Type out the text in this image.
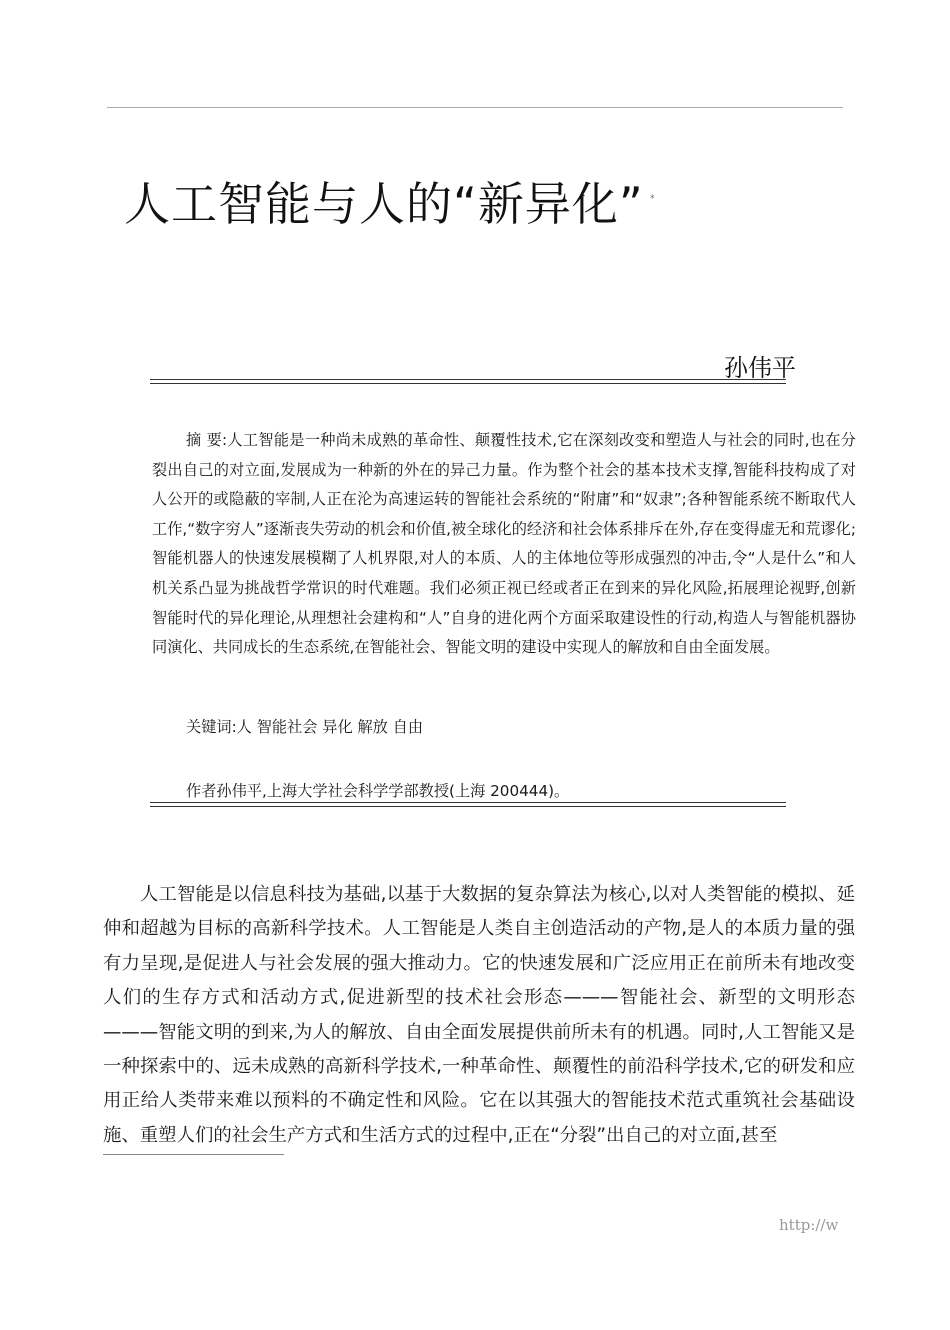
人工智能与人的“新异化” *
孙伟平

摘 要:人工智能是一种尚未成熟的革命性、颠覆性技术,它在深刻改变和塑造人与社会的同时,也在分裂出自己的对立面,发展成为一种新的外在的异己力量。作为整个社会的基本技术支撑,智能科技构成了对人公开的或隐蔽的宰制,人正在沦为高速运转的智能社会系统的“附庸”和“奴隶”;各种智能系统不断取代人工作,“数字穷人”逐渐丧失劳动的机会和价值,被全球化的经济和社会体系排斥在外,存在变得虚无和荒谬化;智能机器人的快速发展模糊了人机界限,对人的本质、人的主体地位等形成强烈的冲击,令“人是什么”和人机关系凸显为挑战哲学常识的时代难题。我们必须正视已经或者正在到来的异化风险,拓展理论视野,创新智能时代的异化理论,从理想社会建构和“人”自身的进化两个方面采取建设性的行动,构造人与智能机器协同演化、共同成长的生态系统,在智能社会、智能文明的建设中实现人的解放和自由全面发展。

关键词:人 智能社会 异化 解放 自由
作者孙伟平,上海大学社会科学学部教授(上海 200444)。

人工智能是以信息科技为基础,以基于大数据的复杂算法为核心,以对人类智能的模拟、延伸和超越为目标的高新科学技术。人工智能是人类自主创造活动的产物,是人的本质力量的强有力呈现,是促进人与社会发展的强大推动力。它的快速发展和广泛应用正在前所未有地改变人们的生存方式和活动方式,促进新型的技术社会形态———智能社会、新型的文明形态———智能文明的到来,为人的解放、自由全面发展提供前所未有的机遇。同时,人工智能又是一种探索中的、远未成熟的高新科学技术,一种革命性、颠覆性的前沿科学技术,它的研发和应用正给人类带来难以预料的不确定性和风险。它在以其强大的智能技术范式重筑社会基础设施、重塑人们的社会生产方式和生活方式的过程中,正在“分裂”出自己的对立面,甚至

http://w
